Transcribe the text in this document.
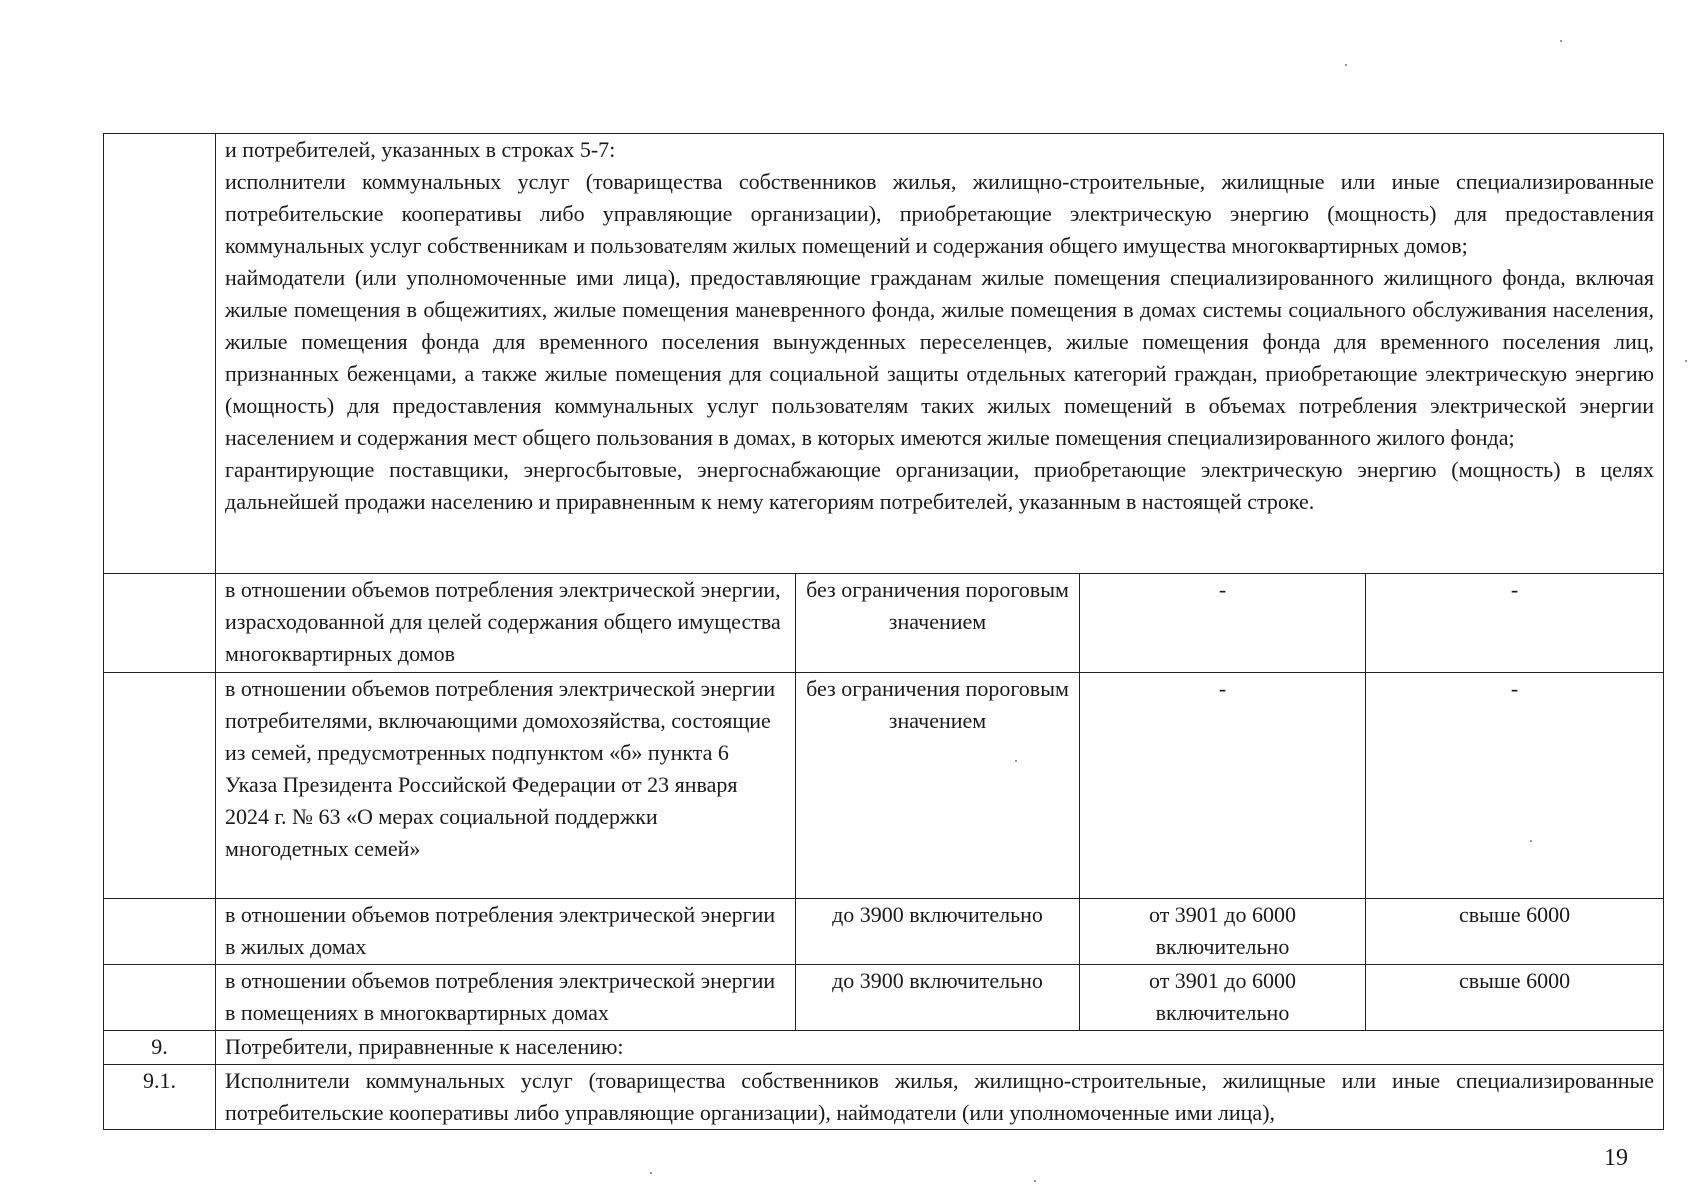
	и потребителей, указанных в строках 5-7:

исполнители коммунальных услуг (товарищества собственников жилья, жилищно-строительные, жилищные или иные специализированные потребительские кооперативы либо управляющие организации), приобретающие электрическую энергию (мощность) для предоставления коммунальных услуг собственникам и пользователям жилых помещений и содержания общего имущества многоквартирных домов;

наймодатели (или уполномоченные ими лица), предоставляющие гражданам жилые помещения специализированного жилищного фонда, включая жилые помещения в общежитиях, жилые помещения маневренного фонда, жилые помещения в домах системы социального обслуживания населения, жилые помещения фонда для временного поселения вынужденных переселенцев, жилые помещения фонда для временного поселения лиц, признанных беженцами, а также жилые помещения для социальной защиты отдельных категорий граждан, приобретающие электрическую энергию (мощность) для предоставления коммунальных услуг пользователям таких жилых помещений в объемах потребления электрической энергии населением и содержания мест общего пользования в домах, в которых имеются жилые помещения специализированного жилого фонда;

гарантирующие поставщики, энергосбытовые, энергоснабжающие организации, приобретающие электрическую энергию (мощность) в целях дальнейшей продажи населению и приравненным к нему категориям потребителей, указанным в настоящей строке.			

	в отношении объемов потребления электрической энергии, израсходованной для целей содержания общего имущества многоквартирных домов	без ограничения пороговым значением	-	-
	в отношении объемов потребления электрической энергии потребителями, включающими домохозяйства, состоящие из семей, предусмотренных подпунктом «б» пункта 6 Указа Президента Российской Федерации от 23 января 2024 г. № 63 «О мерах социальной поддержки многодетных семей»	без ограничения пороговым значением	-	-
	в отношении объемов потребления электрической энергии в жилых домах	до 3900 включительно	от 3901 до 6000 включительно	свыше 6000
	в отношении объемов потребления электрической энергии в помещениях в многоквартирных домах	до 3900 включительно	от 3901 до 6000 включительно	свыше 6000
9.	Потребители, приравненные к населению:			
9.1.	Исполнители коммунальных услуг (товарищества собственников жилья, жилищно-строительные, жилищные или иные специализированные потребительские кооперативы либо управляющие организации), наймодатели (или уполномоченные ими лица),			

19
